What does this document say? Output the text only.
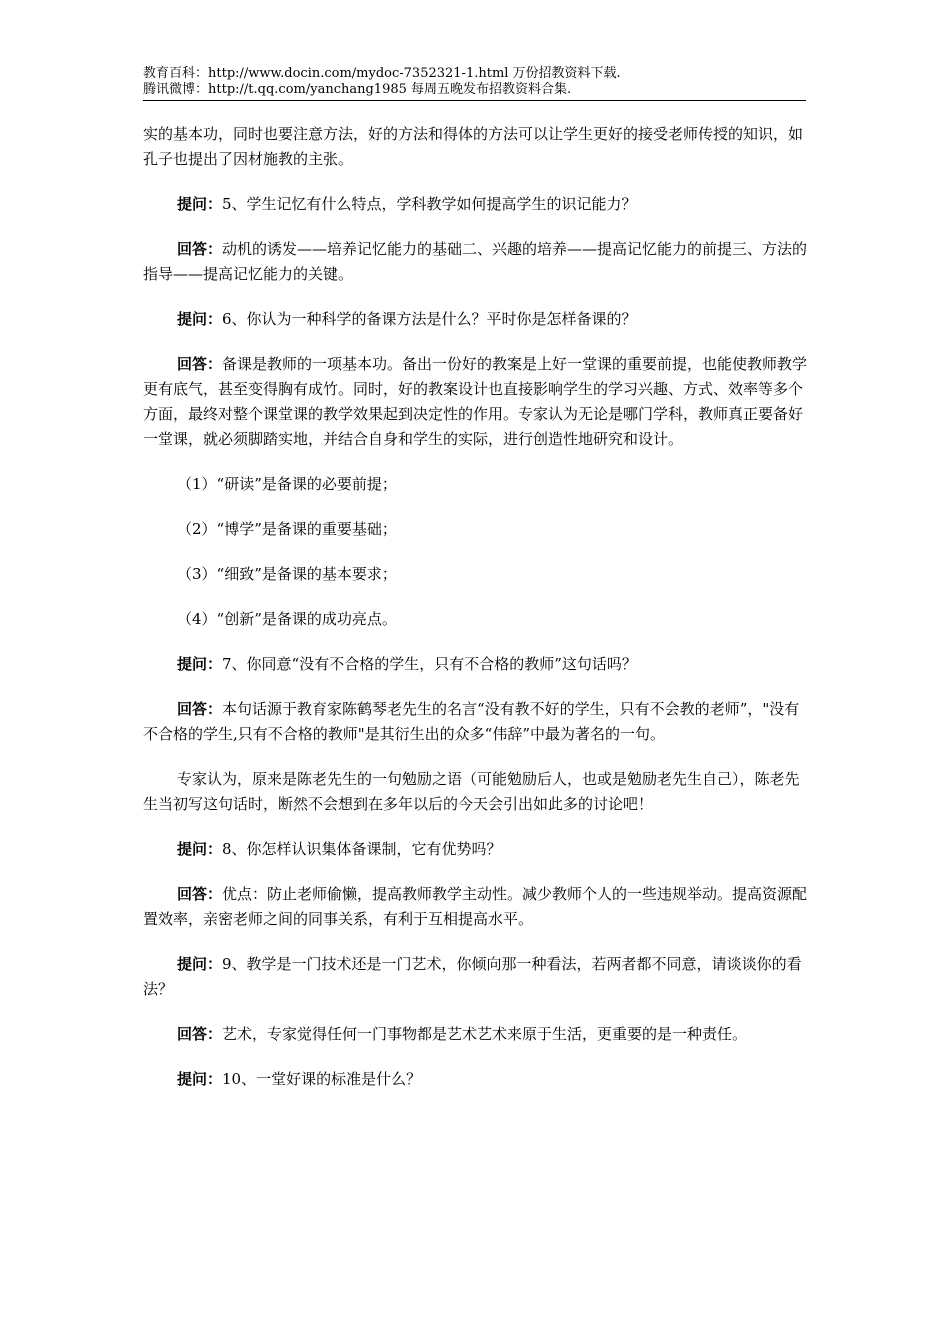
教育百科：http://www.docin.com/mydoc-7352321-1.html 万份招教资料下载.
腾讯微博：http://t.qq.com/yanchang1985 每周五晚发布招教资料合集.

实的基本功，同时也要注意方法，好的方法和得体的方法可以让学生更好的接受老师传授的知识，如孔子也提出了因材施教的主张。

提问：5、学生记忆有什么特点，学科教学如何提高学生的识记能力？

回答：动机的诱发——培养记忆能力的基础二、兴趣的培养——提高记忆能力的前提三、方法的指导——提高记忆能力的关键。

提问：6、你认为一种科学的备课方法是什么？平时你是怎样备课的？

回答：备课是教师的一项基本功。备出一份好的教案是上好一堂课的重要前提，也能使教师教学更有底气，甚至变得胸有成竹。同时，好的教案设计也直接影响学生的学习兴趣、方式、效率等多个方面，最终对整个课堂课的教学效果起到决定性的作用。专家认为无论是哪门学科，教师真正要备好一堂课，就必须脚踏实地，并结合自身和学生的实际，进行创造性地研究和设计。

（1）“研读”是备课的必要前提；

（2）“博学”是备课的重要基础；

（3）“细致”是备课的基本要求；

（4）“创新”是备课的成功亮点。

提问：7、你同意“没有不合格的学生，只有不合格的教师”这句话吗？

回答：本句话源于教育家陈鹤琴老先生的名言“没有教不好的学生，只有不会教的老师”，"没有不合格的学生,只有不合格的教师"是其衍生出的众多“伟辞”中最为著名的一句。

专家认为，原来是陈老先生的一句勉励之语（可能勉励后人，也或是勉励老先生自己），陈老先生当初写这句话时，断然不会想到在多年以后的今天会引出如此多的讨论吧！

提问：8、你怎样认识集体备课制，它有优势吗？

回答：优点：防止老师偷懒，提高教师教学主动性。减少教师个人的一些违规举动。提高资源配置效率，亲密老师之间的同事关系，有利于互相提高水平。

提问：9、教学是一门技术还是一门艺术，你倾向那一种看法，若两者都不同意，请谈谈你的看法？

回答：艺术，专家觉得任何一门事物都是艺术艺术来原于生活，更重要的是一种责任。

提问：10、一堂好课的标准是什么？
